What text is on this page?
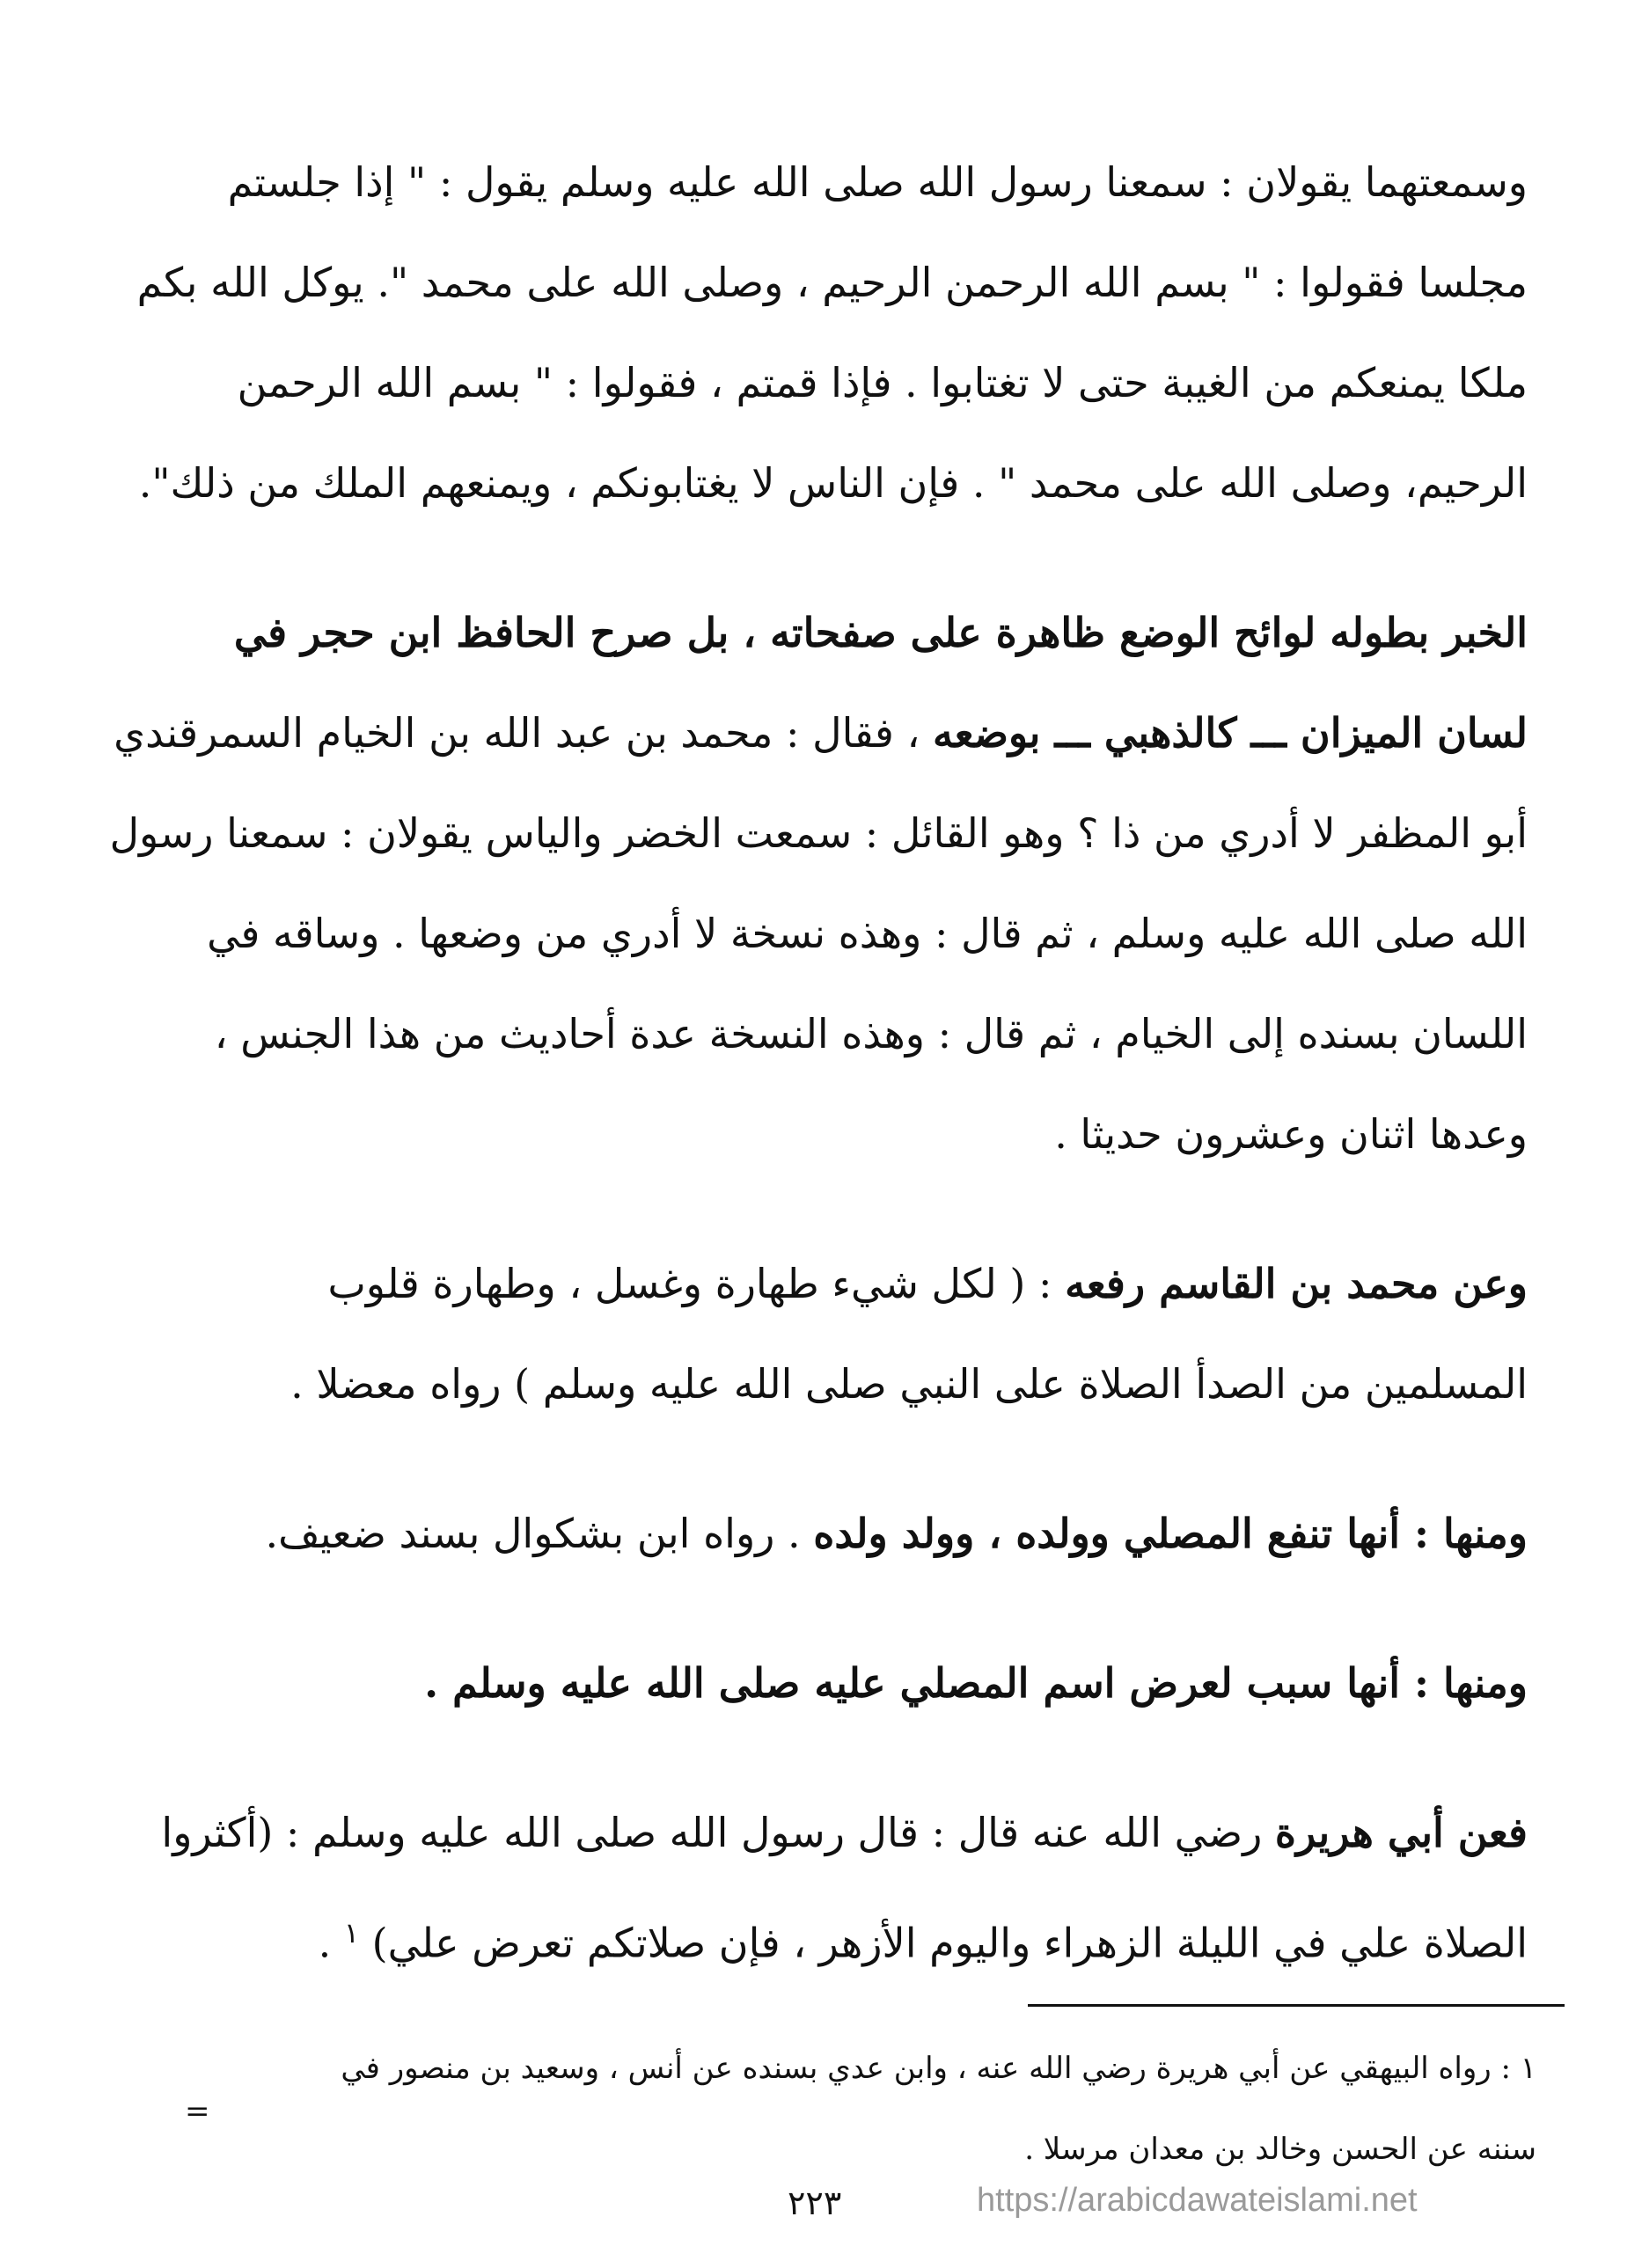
وسمعتهما يقولان : سمعنا رسول الله صلى الله عليه وسلم يقول : " إذا جلستم
مجلسا فقولوا : " بسم الله الرحمن الرحيم ، وصلى الله على محمد ". يوكل الله بكم
ملكا يمنعكم من الغيبة حتى لا تغتابوا . فإذا قمتم ، فقولوا : " بسم الله الرحمن
الرحيم، وصلى الله على محمد " . فإن الناس لا يغتابونكم ، ويمنعهم الملك من ذلك".

الخبر بطوله لوائح الوضع ظاهرة على صفحاته ، بل صرح الحافظ ابن حجر في
لسان الميزان ـــ كالذهبي ـــ بوضعه ، فقال : محمد بن عبد الله بن الخيام السمرقندي
أبو المظفر لا أدري من ذا ؟ وهو القائل : سمعت الخضر والياس يقولان : سمعنا رسول
الله صلى الله عليه وسلم ، ثم قال : وهذه نسخة لا أدري من وضعها . وساقه في
اللسان بسنده إلى الخيام ، ثم قال : وهذه النسخة عدة أحاديث من هذا الجنس ،
وعدها اثنان وعشرون حديثا .

وعن محمد بن القاسم رفعه : ( لكل شيء طهارة وغسل ، وطهارة قلوب
المسلمين من الصدأ الصلاة على النبي صلى الله عليه وسلم ) رواه معضلا .

ومنها : أنها تنفع المصلي وولده ، وولد ولده . رواه ابن بشكوال بسند ضعيف.

ومنها : أنها سبب لعرض اسم المصلي عليه صلى الله عليه وسلم .

فعن أبي هريرة رضي الله عنه قال : قال رسول الله صلى الله عليه وسلم : (أكثروا
الصلاة علي في الليلة الزهراء واليوم الأزهر ، فإن صلاتكم تعرض علي) $^١$ .

١ : رواه البيهقي عن أبي هريرة رضي الله عنه ، وابن عدي بسنده عن أنس ، وسعيد بن منصور في
سننه عن الحسن وخالد بن معدان مرسلا .
=
٢٢٣	https://arabicdawateislami.net
